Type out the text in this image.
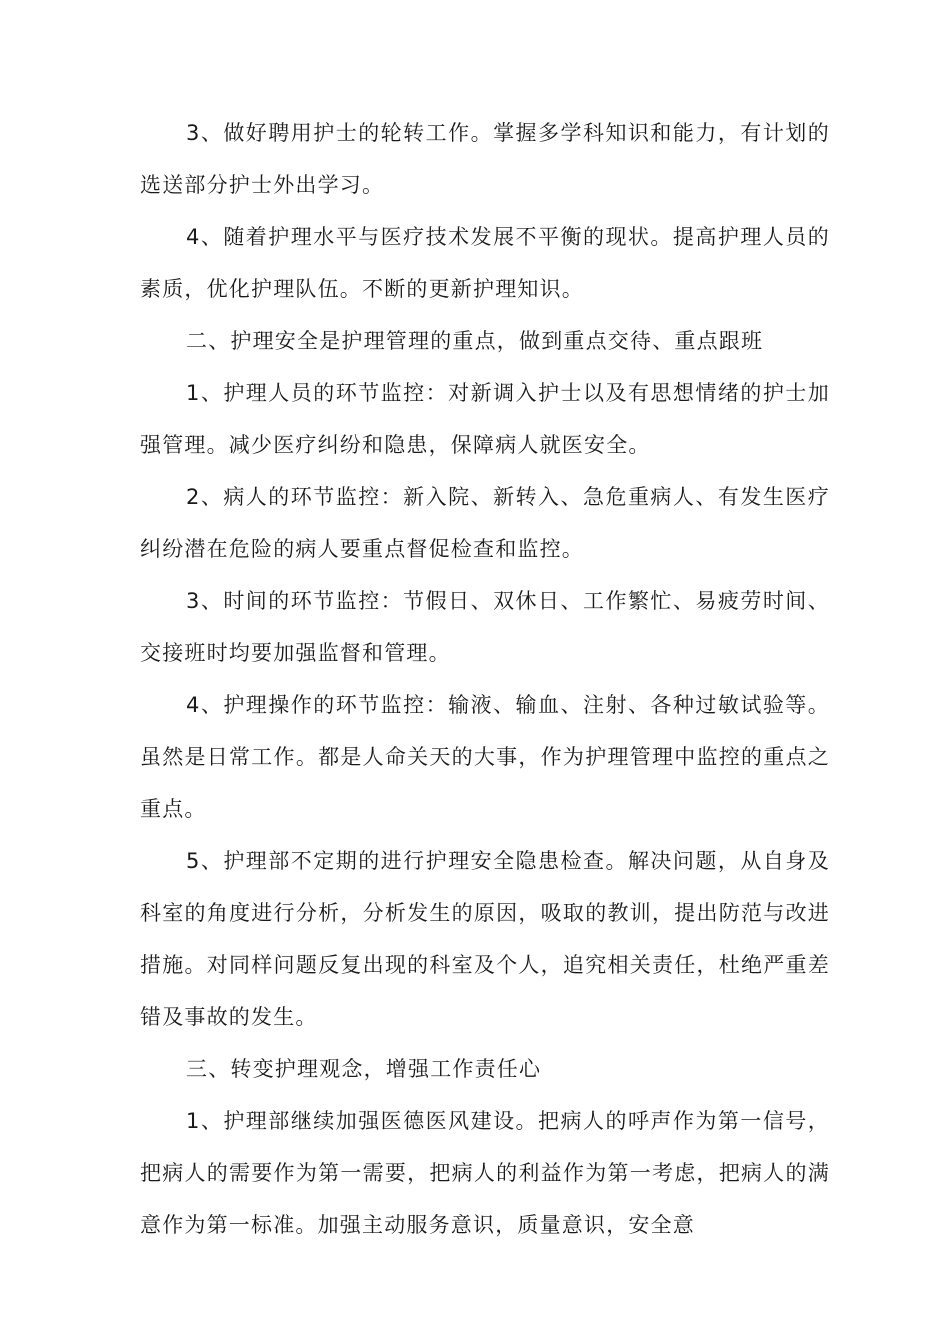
3、做好聘用护士的轮转工作。掌握多学科知识和能力，有计划的选送部分护士外出学习。

4、随着护理水平与医疗技术发展不平衡的现状。提高护理人员的素质，优化护理队伍。不断的更新护理知识。

二、护理安全是护理管理的重点，做到重点交待、重点跟班

1、护理人员的环节监控：对新调入护士以及有思想情绪的护士加强管理。减少医疗纠纷和隐患，保障病人就医安全。

2、病人的环节监控：新入院、新转入、急危重病人、有发生医疗纠纷潜在危险的病人要重点督促检查和监控。

3、时间的环节监控：节假日、双休日、工作繁忙、易疲劳时间、交接班时均要加强监督和管理。

4、护理操作的环节监控：输液、输血、注射、各种过敏试验等。虽然是日常工作。都是人命关天的大事，作为护理管理中监控的重点之重点。

5、护理部不定期的进行护理安全隐患检查。解决问题，从自身及科室的角度进行分析，分析发生的原因，吸取的教训，提出防范与改进措施。对同样问题反复出现的科室及个人，追究相关责任，杜绝严重差错及事故的发生。

三、转变护理观念，增强工作责任心

1、护理部继续加强医德医风建设。把病人的呼声作为第一信号，把病人的需要作为第一需要，把病人的利益作为第一考虑，把病人的满意作为第一标准。加强主动服务意识，质量意识，安全意
